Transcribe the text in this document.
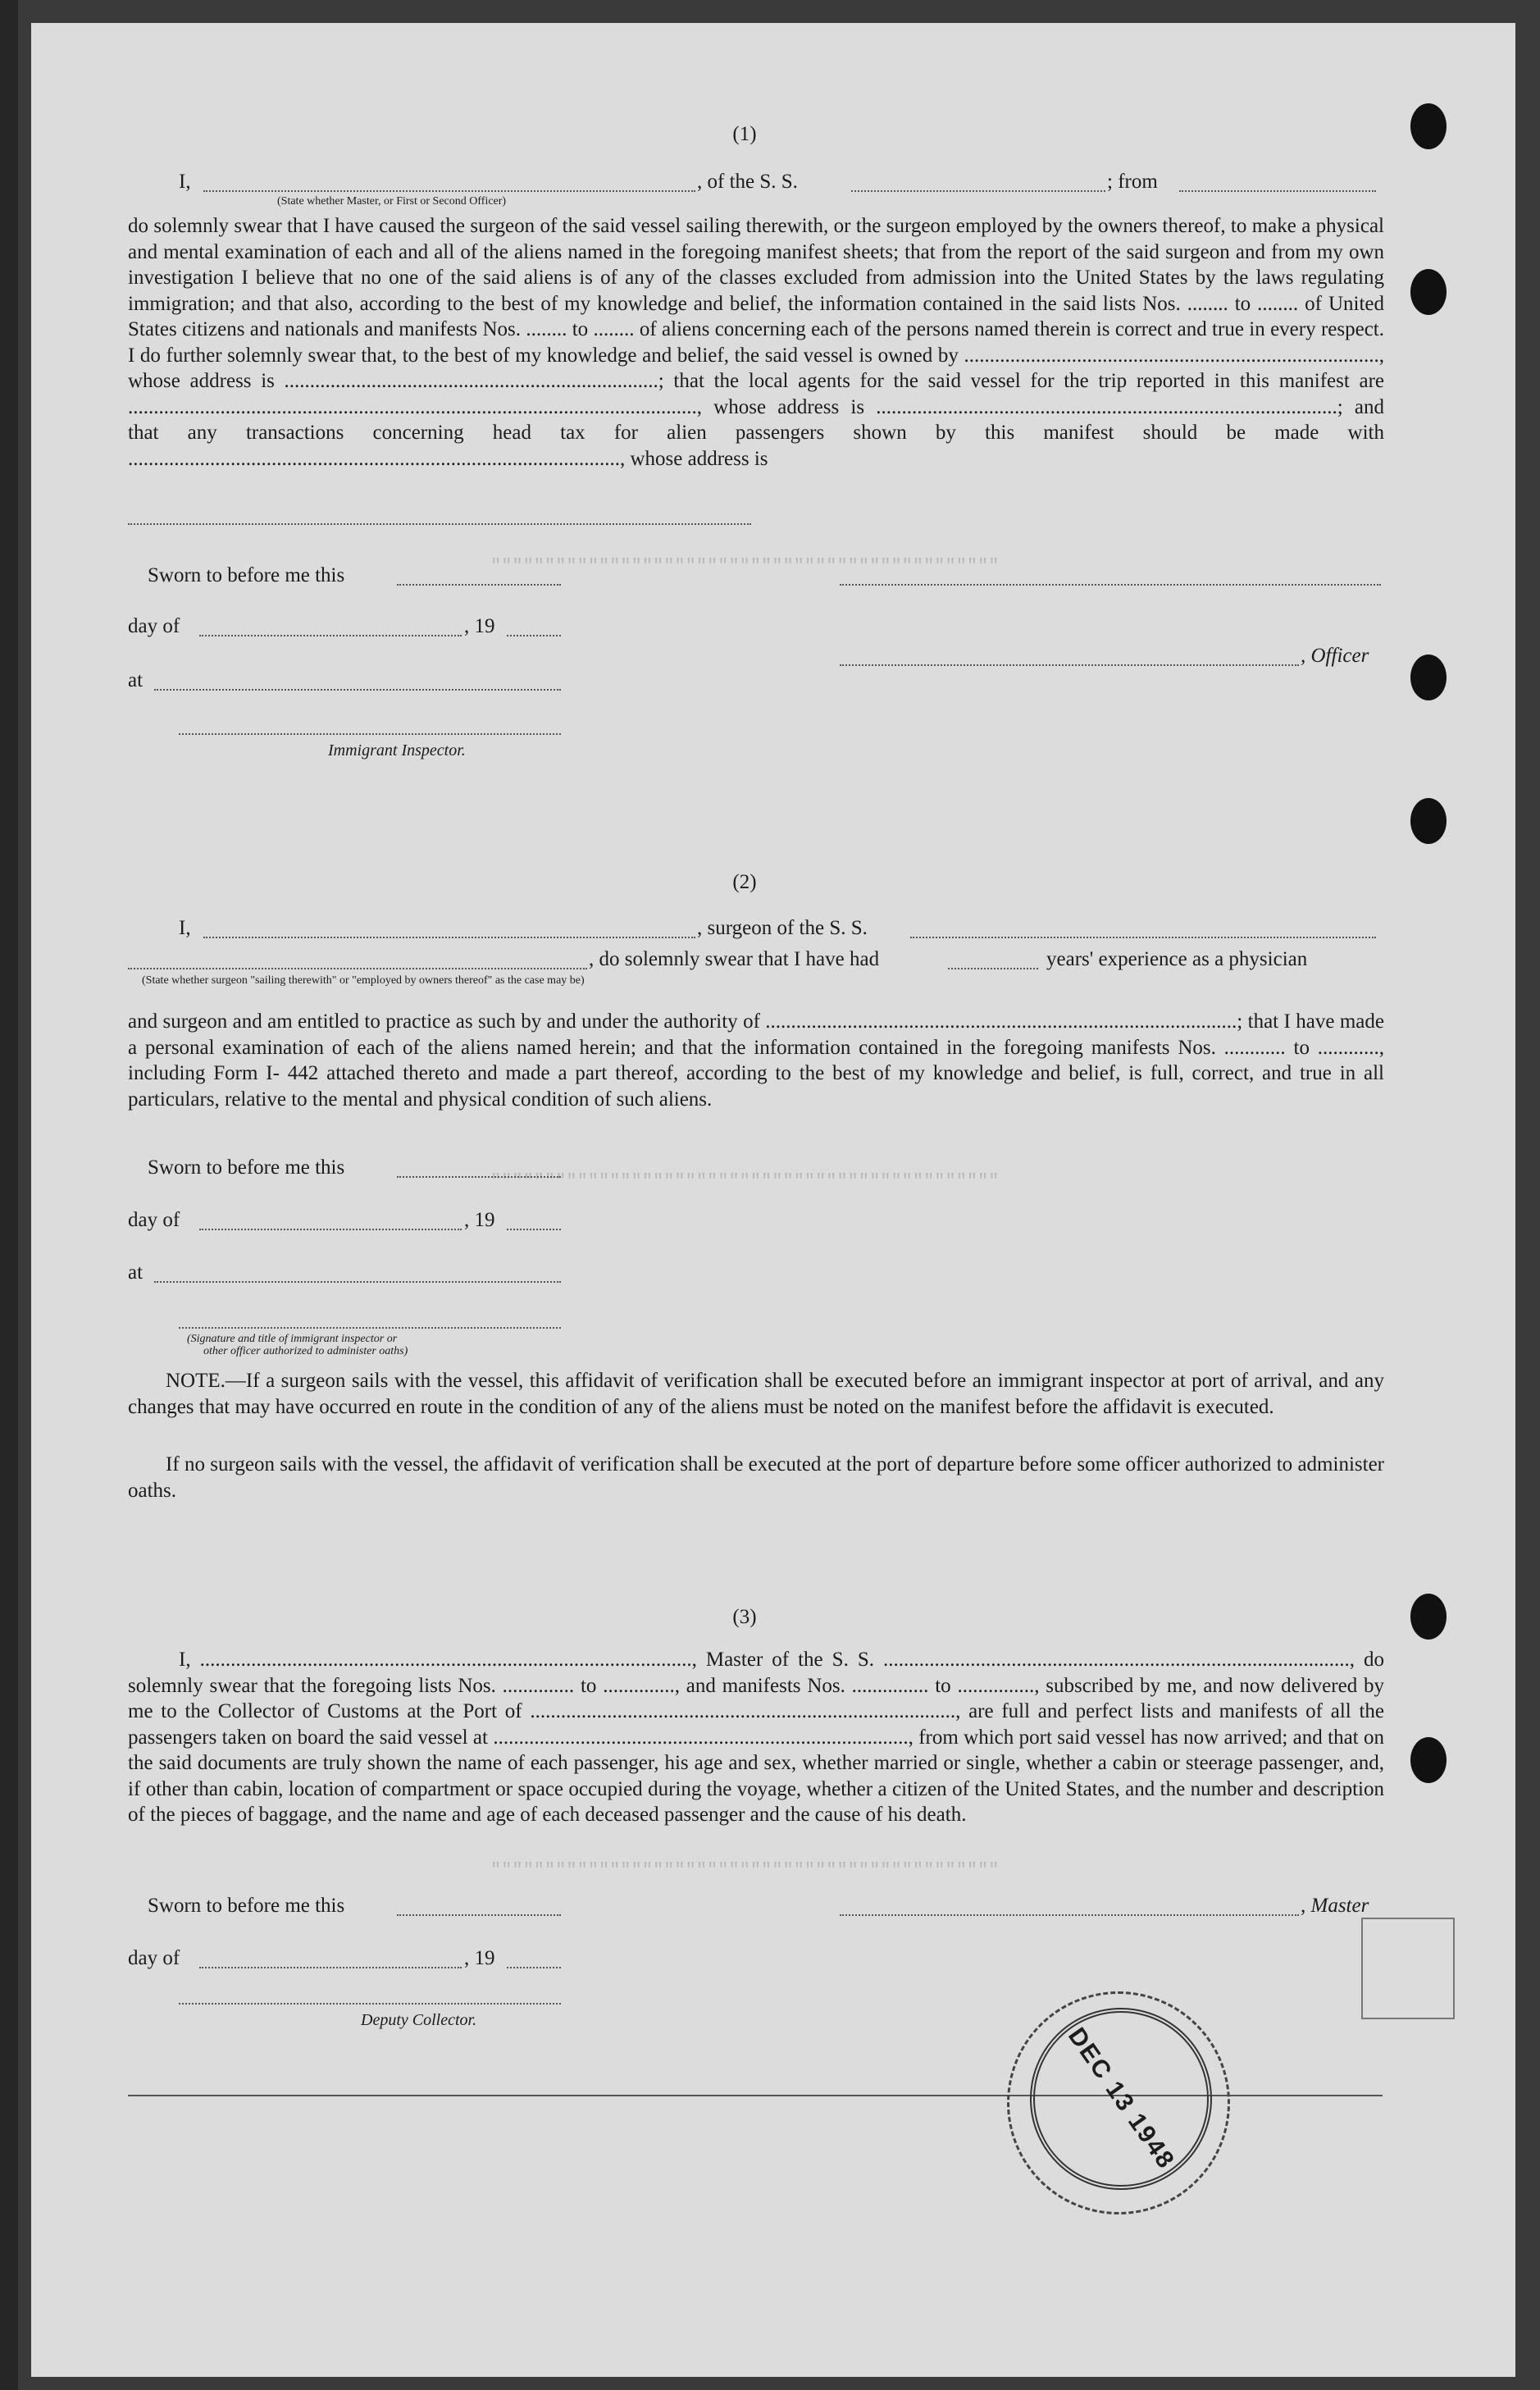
"""""""""""""""""""""""""""""""""""""""""""""""
"""""""""""""""""""""""""""""""""""""""""""""""
"""""""""""""""""""""""""""""""""""""""""""""""
(1)
I,	, of the S. S.	; from
(State whether Master, or First or Second Officer)
do solemnly swear that I have caused the surgeon of the said vessel sailing therewith, or the surgeon employed by the owners thereof, to make a physical and mental examination of each and all of the aliens named in the foregoing manifest sheets; that from the report of the said surgeon and from my own investigation I believe that no one of the said aliens is of any of the classes excluded from admission into the United States by the laws regulating immigration; and that also, according to the best of my knowledge and belief, the information contained in the said lists Nos. ........ to ........ of United States citizens and nationals and manifests Nos. ........ to ........ of aliens concerning each of the persons named therein is correct and true in every respect. I do further solemnly swear that, to the best of my knowledge and belief, the said vessel is owned by ................................................................................., whose address is .........................................................................; that the local agents for the said vessel for the trip reported in this manifest are ..............................................................................................................., whose address is ..........................................................................................; and that any transactions concerning head tax for alien passengers shown by this manifest should be made with ................................................................................................, whose address is
Sworn to before me this
day of	, 19
, Officer
at
Immigrant Inspector.
(2)
I,	, surgeon of the S. S.
, do solemnly swear that I have had	years' experience as a physician
(State whether surgeon "sailing therewith" or "employed by owners thereof" as the case may be)
and surgeon and am entitled to practice as such by and under the authority of ............................................................................................; that I have made a personal examination of each of the aliens named herein; and that the information contained in the foregoing manifests Nos. ............ to ............, including Form I- 442 attached thereto and made a part thereof, according to the best of my knowledge and belief, is full, correct, and true in all particulars, relative to the mental and physical condition of such aliens.
Sworn to before me this
day of	, 19
at
(Signature and title of immigrant inspector or
other officer authorized to administer oaths)
NOTE.—If a surgeon sails with the vessel, this affidavit of verification shall be executed before an immigrant inspector at port of arrival, and any changes that may have occurred en route in the condition of any of the aliens must be noted on the manifest before the affidavit is executed.
If no surgeon sails with the vessel, the affidavit of verification shall be executed at the port of departure before some officer authorized to administer oaths.
(3)
I, ................................................................................................, Master of the S. S. ..........................................................................................., do solemnly swear that the foregoing lists Nos. .............. to .............., and manifests Nos. ............... to ..............., subscribed by me, and now delivered by me to the Collector of Customs at the Port of ..................................................................................., are full and perfect lists and manifests of all the passengers taken on board the said vessel at ................................................................................., from which port said vessel has now arrived; and that on the said documents are truly shown the name of each passenger, his age and sex, whether married or single, whether a cabin or steerage passenger, and, if other than cabin, location of compartment or space occupied during the voyage, whether a citizen of the United States, and the number and description of the pieces of baggage, and the name and age of each deceased passenger and the cause of his death.
Sworn to before me this	, Master
day of	, 19
Deputy Collector.
DEC 13 1948
